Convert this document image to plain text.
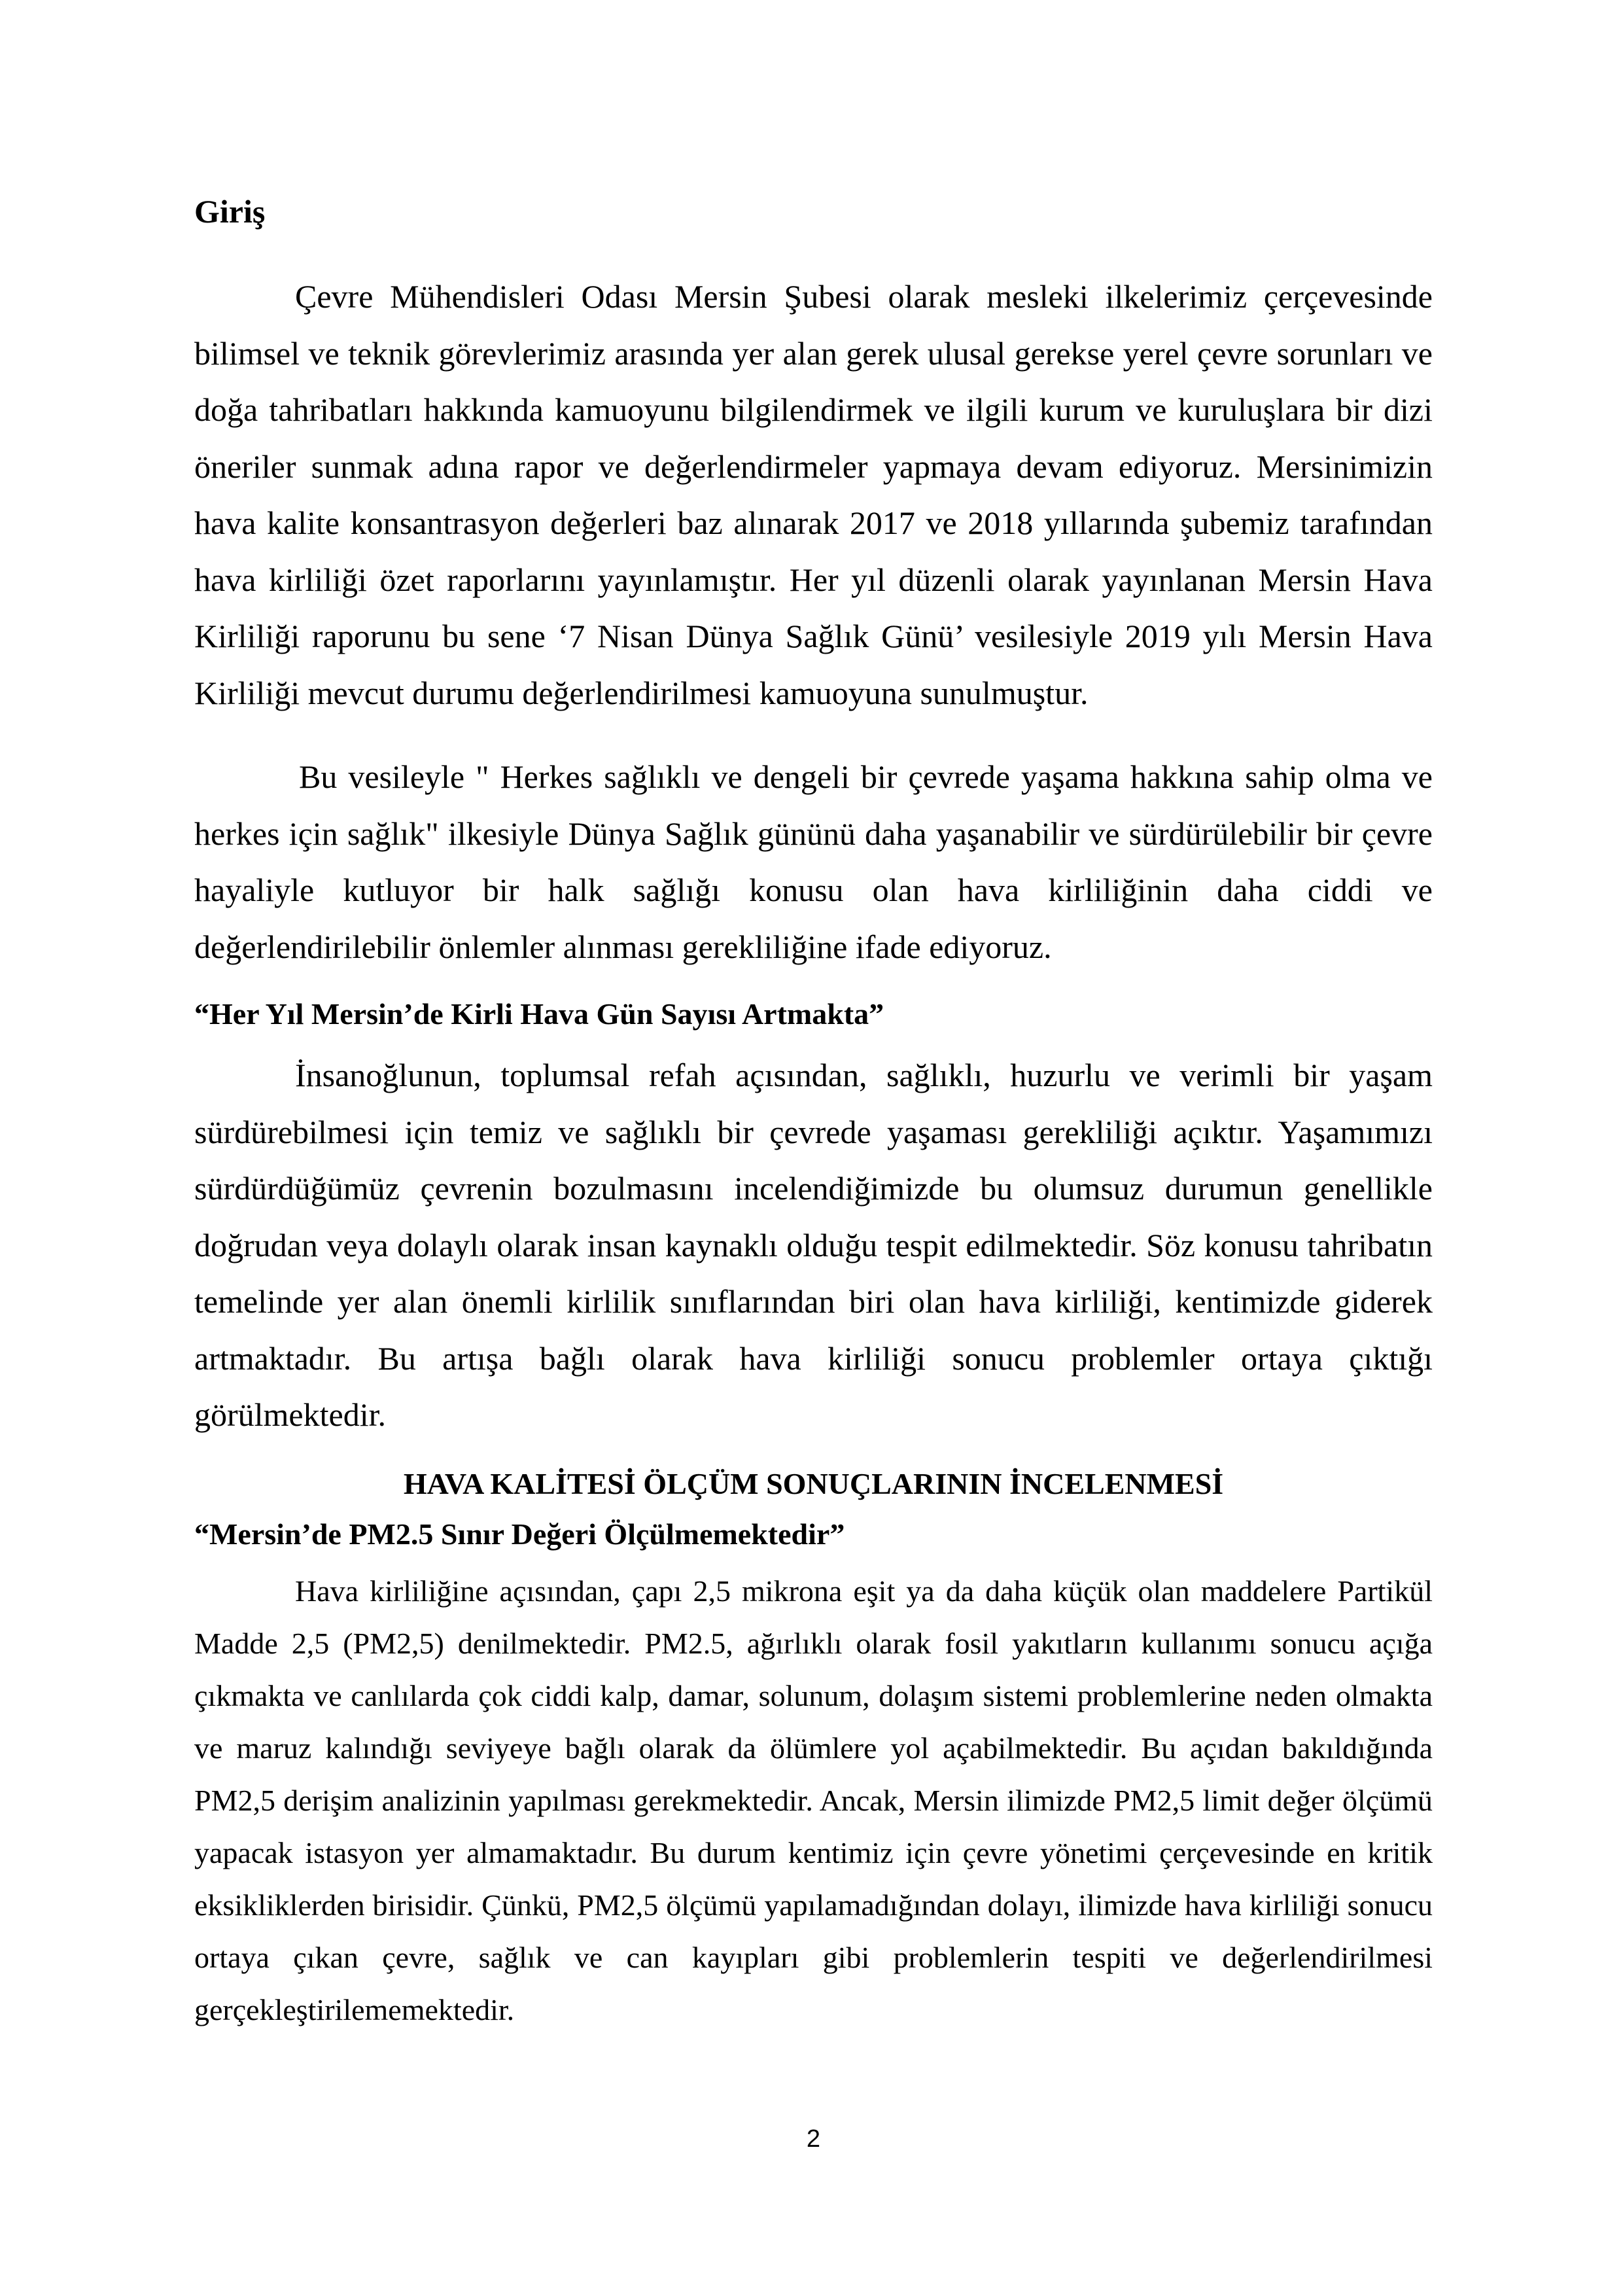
Giriş

Çevre Mühendisleri Odası Mersin Şubesi olarak mesleki ilkelerimiz çerçevesinde bilimsel ve teknik görevlerimiz arasında yer alan gerek ulusal gerekse yerel çevre sorunları ve doğa tahribatları hakkında kamuoyunu bilgilendirmek ve ilgili kurum ve kuruluşlara bir dizi öneriler sunmak adına rapor ve değerlendirmeler yapmaya devam ediyoruz. Mersinimizin hava kalite konsantrasyon değerleri baz alınarak 2017 ve 2018 yıllarında şubemiz tarafından hava kirliliği özet raporlarını yayınlamıştır. Her yıl düzenli olarak yayınlanan Mersin Hava Kirliliği raporunu bu sene ‘7 Nisan Dünya Sağlık Günü’ vesilesiyle 2019 yılı Mersin Hava Kirliliği mevcut durumu değerlendirilmesi kamuoyuna sunulmuştur.

Bu vesileyle " Herkes sağlıklı ve dengeli bir çevrede yaşama hakkına sahip olma ve herkes için sağlık" ilkesiyle Dünya Sağlık gününü daha yaşanabilir ve sürdürülebilir bir çevre hayaliyle kutluyor bir halk sağlığı konusu olan hava kirliliğinin daha ciddi ve değerlendirilebilir önlemler alınması gerekliliğine ifade ediyoruz.

“Her Yıl Mersin’de Kirli Hava Gün Sayısı Artmakta”

İnsanoğlunun, toplumsal refah açısından, sağlıklı, huzurlu ve verimli bir yaşam sürdürebilmesi için temiz ve sağlıklı bir çevrede yaşaması gerekliliği açıktır. Yaşamımızı sürdürdüğümüz çevrenin bozulmasını incelendiğimizde bu olumsuz durumun genellikle doğrudan veya dolaylı olarak insan kaynaklı olduğu tespit edilmektedir. Söz konusu tahribatın temelinde yer alan önemli kirlilik sınıflarından biri olan hava kirliliği, kentimizde giderek artmaktadır. Bu artışa bağlı olarak hava kirliliği sonucu problemler ortaya çıktığı görülmektedir.

HAVA KALİTESİ ÖLÇÜM SONUÇLARININ İNCELENMESİ
“Mersin’de PM2.5 Sınır Değeri Ölçülmemektedir”

Hava kirliliğine açısından, çapı 2,5 mikrona eşit ya da daha küçük olan maddelere Partikül Madde 2,5 (PM2,5) denilmektedir. PM2.5, ağırlıklı olarak fosil yakıtların kullanımı sonucu açığa çıkmakta ve canlılarda çok ciddi kalp, damar, solunum, dolaşım sistemi problemlerine neden olmakta ve maruz kalındığı seviyeye bağlı olarak da ölümlere yol açabilmektedir. Bu açıdan bakıldığında PM2,5 derişim analizinin yapılması gerekmektedir. Ancak, Mersin ilimizde PM2,5 limit değer ölçümü yapacak istasyon yer almamaktadır. Bu durum kentimiz için çevre yönetimi çerçevesinde en kritik eksikliklerden birisidir. Çünkü, PM2,5 ölçümü yapılamadığından dolayı, ilimizde hava kirliliği sonucu ortaya çıkan çevre, sağlık ve can kayıpları gibi problemlerin tespiti ve değerlendirilmesi gerçekleştirilememektedir.

2
